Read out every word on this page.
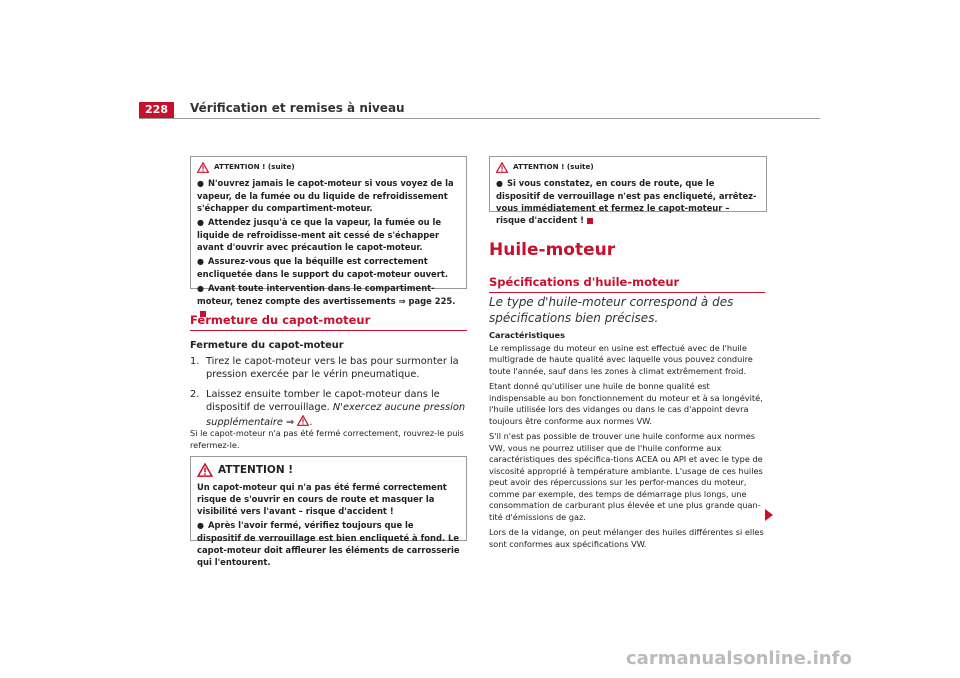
228	Vérification et remises à niveau
ATTENTION ! (suite)

● N'ouvrez jamais le capot-moteur si vous voyez de la vapeur, de la fumée ou du liquide de refroidissement s'échapper du compartiment-moteur.

● Attendez jusqu'à ce que la vapeur, la fumée ou le liquide de refroidisse-ment ait cessé de s'échapper avant d'ouvrir avec précaution le capot-moteur.

● Assurez-vous que la béquille est correctement encliquetée dans le support du capot-moteur ouvert.

● Avant toute intervention dans le compartiment-moteur, tenez compte des avertissements ⇒ page 225.

Fermeture du capot-moteur

Fermeture du capot-moteur

1. Tirez le capot-moteur vers le bas pour surmonter la pression exercée par le vérin pneumatique.
2. Laissez ensuite tomber le capot-moteur dans le dispositif de verrouillage. N'exercez aucune pression supplémentaire ⇒ .
Si le capot-moteur n'a pas été fermé correctement, rouvrez-le puis refermez-le.
ATTENTION !

Un capot-moteur qui n'a pas été fermé correctement risque de s'ouvrir en cours de route et masquer la visibilité vers l'avant – risque d'accident !

● Après l'avoir fermé, vérifiez toujours que le dispositif de verrouillage est bien encliqueté à fond. Le capot-moteur doit affleurer les éléments de carrosserie qui l'entourent.

ATTENTION ! (suite)

● Si vous constatez, en cours de route, que le dispositif de verrouillage n'est pas encliqueté, arrêtez-vous immédiatement et fermez le capot-moteur – risque d'accident !

Huile-moteur
Spécifications d'huile-moteur
Le type d'huile-moteur correspond à des spécifications bien précises.

Caractéristiques

Le remplissage du moteur en usine est effectué avec de l'huile multigrade de haute qualité avec laquelle vous pouvez conduire toute l'année, sauf dans les zones à climat extrêmement froid.

Etant donné qu'utiliser une huile de bonne qualité est indispensable au bon fonctionnement du moteur et à sa longévité, l'huile utilisée lors des vidanges ou dans le cas d'appoint devra toujours être conforme aux normes VW.

S'il n'est pas possible de trouver une huile conforme aux normes VW, vous ne pourrez utiliser que de l'huile conforme aux caractéristiques des spécifica-tions ACEA ou API et avec le type de viscosité approprié à température ambiante. L'usage de ces huiles peut avoir des répercussions sur les perfor-mances du moteur, comme par exemple, des temps de démarrage plus longs, une consommation de carburant plus élevée et une plus grande quan-tité d'émissions de gaz.

Lors de la vidange, on peut mélanger des huiles différentes si elles sont conformes aux spécifications VW.

carmanualsonline.info
